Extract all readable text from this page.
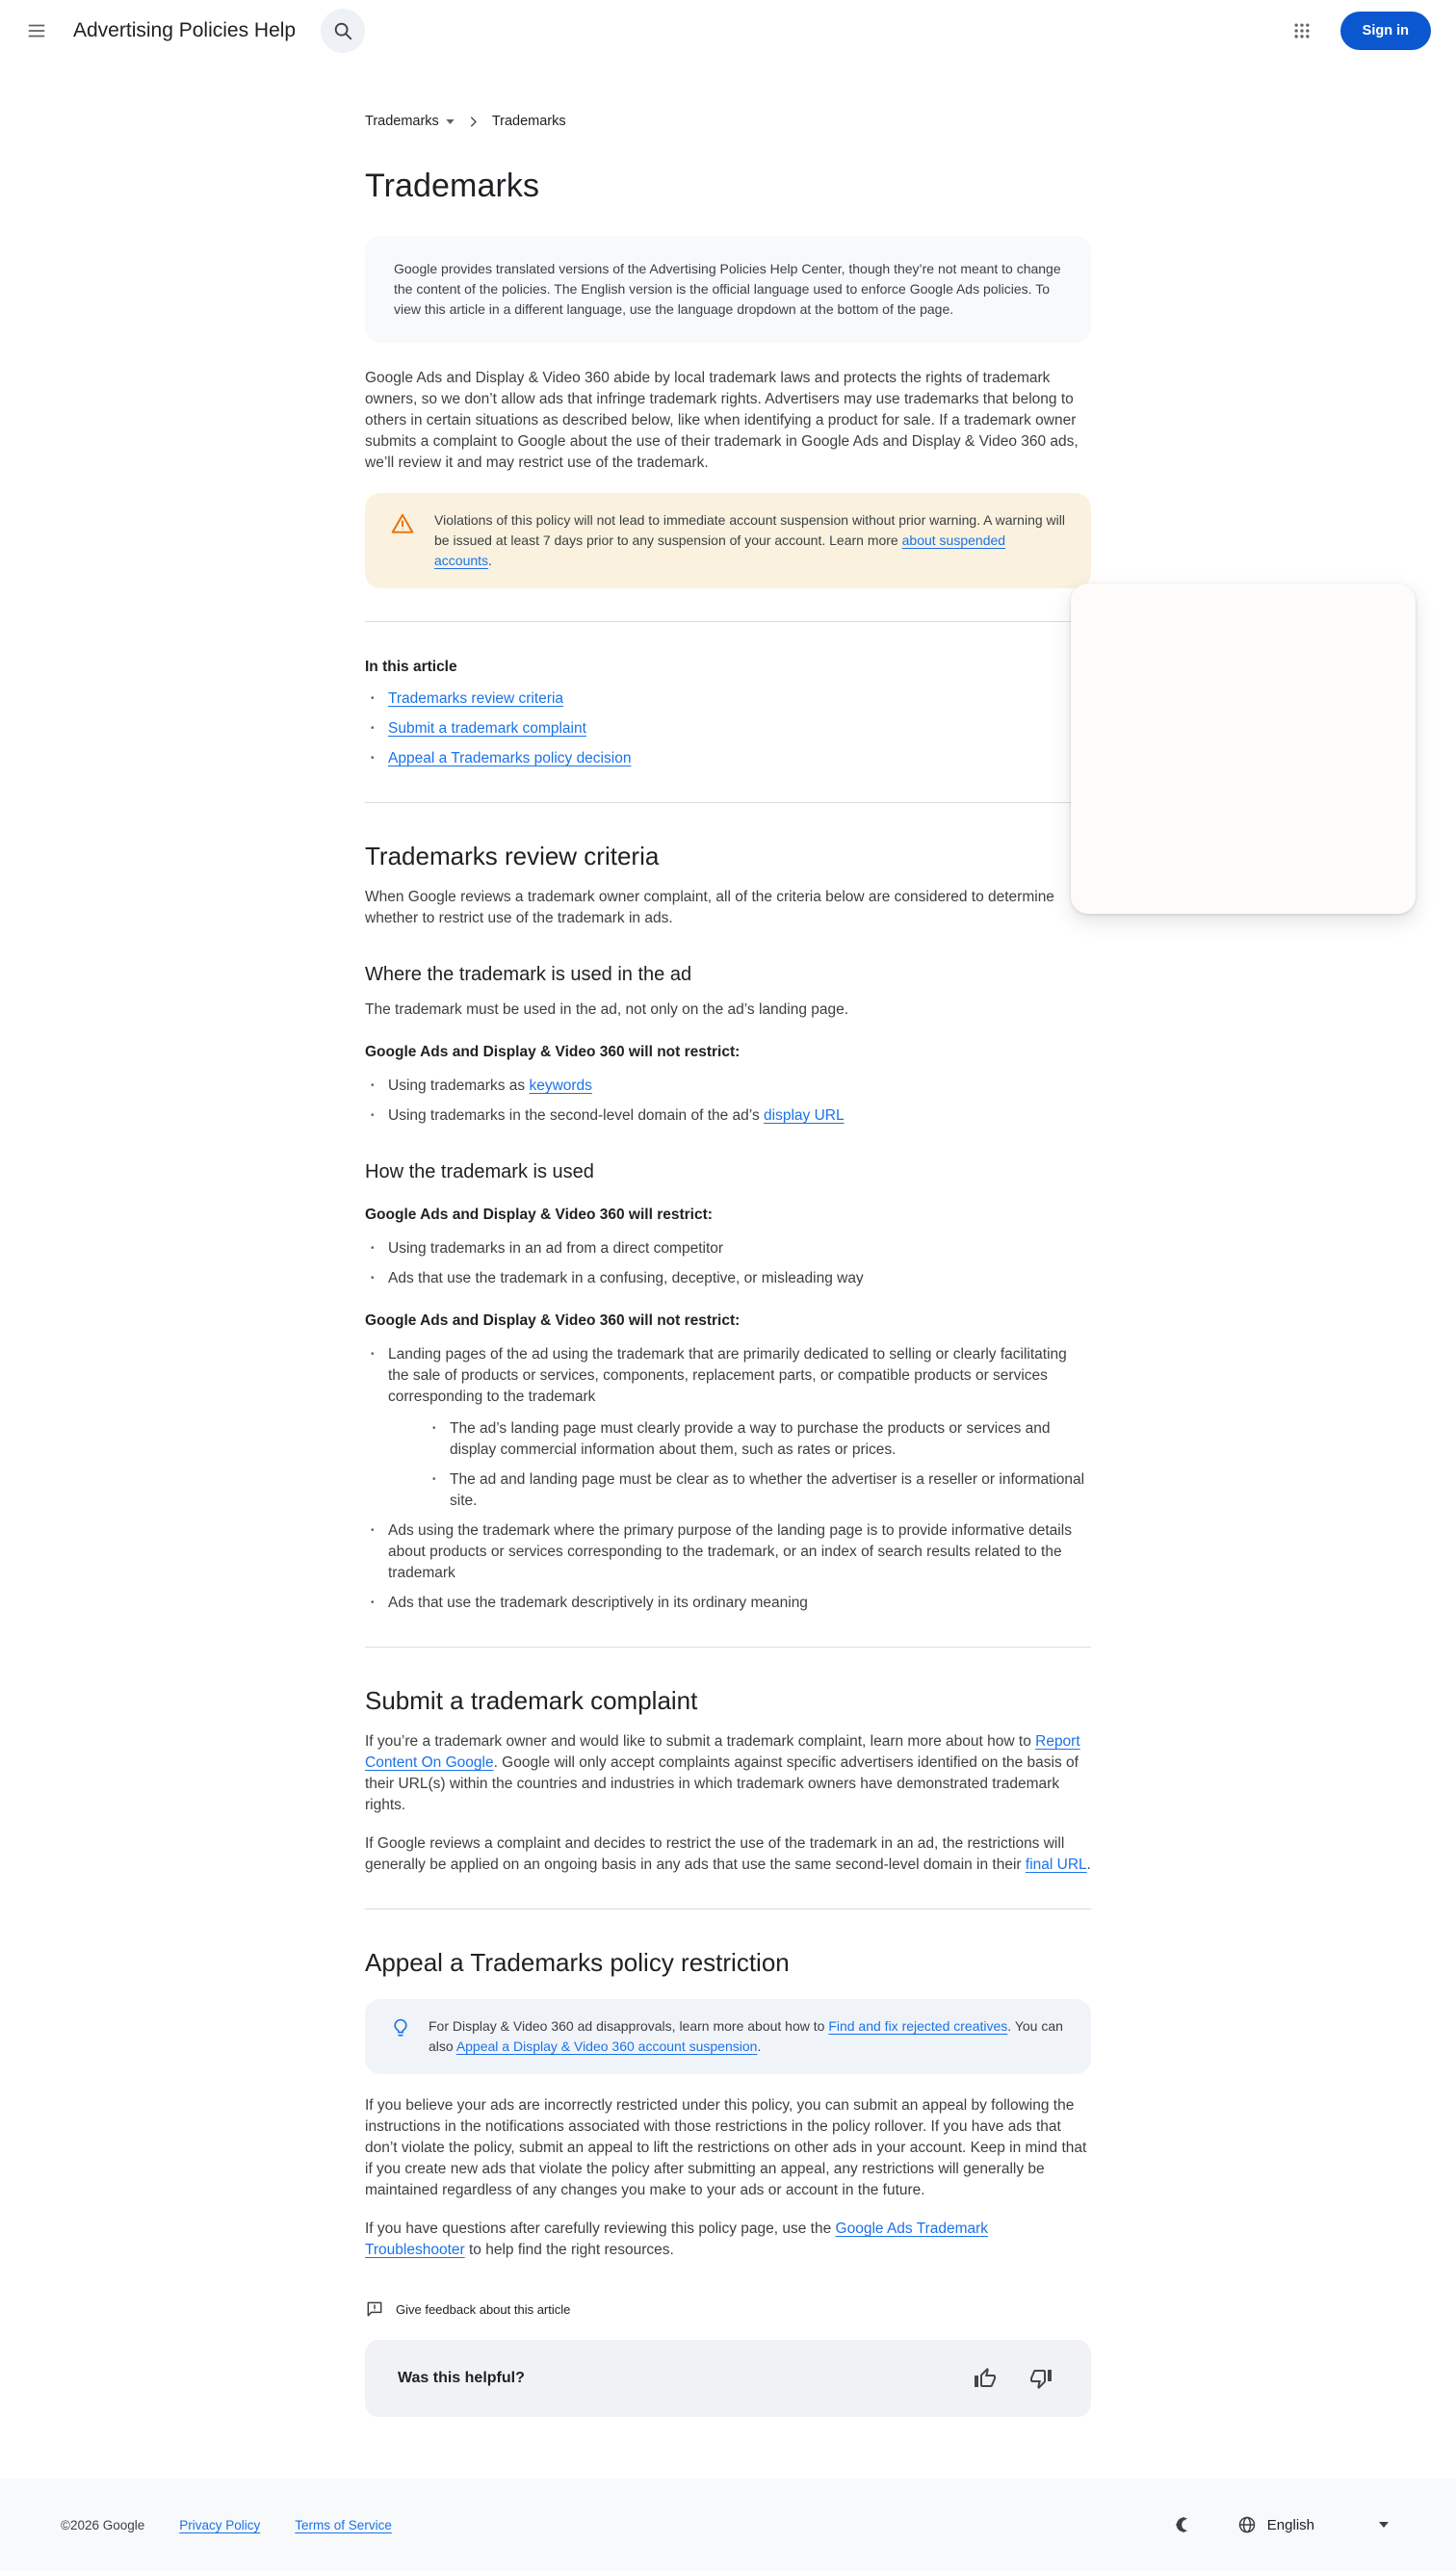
Advertising Policies Help	Sign in
Trademarks	Trademarks
Trademarks

Google provides translated versions of the Advertising Policies Help Center, though they’re not meant to change the content of the policies. The English version is the official language used to enforce Google Ads policies. To view this article in a different language, use the language dropdown at the bottom of the page.

Google Ads and Display & Video 360 abide by local trademark laws and protects the rights of trademark owners, so we don’t allow ads that infringe trademark rights. Advertisers may use trademarks that belong to others in certain situations as described below, like when identifying a product for sale. If a trademark owner submits a complaint to Google about the use of their trademark in Google Ads and Display & Video 360 ads, we’ll review it and may restrict use of the trademark.

Violations of this policy will not lead to immediate account suspension without prior warning. A warning will be issued at least 7 days prior to any suspension of your account. Learn more about suspended accounts.

In this article

• Trademarks review criteria
• Submit a trademark complaint
• Appeal a Trademarks policy decision
Trademarks review criteria

When Google reviews a trademark owner complaint, all of the criteria below are considered to determine whether to restrict use of the trademark in ads.

Where the trademark is used in the ad

The trademark must be used in the ad, not only on the ad’s landing page.

Google Ads and Display & Video 360 will not restrict:

• Using trademarks as keywords
• Using trademarks in the second-level domain of the ad’s display URL
How the trademark is used

Google Ads and Display & Video 360 will restrict:

• Using trademarks in an ad from a direct competitor
• Ads that use the trademark in a confusing, deceptive, or misleading way

Google Ads and Display & Video 360 will not restrict:

• Landing pages of the ad using the trademark that are primarily dedicated to selling or clearly facilitating the sale of products or services, components, replacement parts, or compatible products or services corresponding to the trademark
• The ad’s landing page must clearly provide a way to purchase the products or services and display commercial information about them, such as rates or prices.
• The ad and landing page must be clear as to whether the advertiser is a reseller or informational site.
• Ads using the trademark where the primary purpose of the landing page is to provide informative details about products or services corresponding to the trademark, or an index of search results related to the trademark
• Ads that use the trademark descriptively in its ordinary meaning
Submit a trademark complaint

If you’re a trademark owner and would like to submit a trademark complaint, learn more about how to Report Content On Google. Google will only accept complaints against specific advertisers identified on the basis of their URL(s) within the countries and industries in which trademark owners have demonstrated trademark rights.

If Google reviews a complaint and decides to restrict the use of the trademark in an ad, the restrictions will generally be applied on an ongoing basis in any ads that use the same second-level domain in their final URL.

Appeal a Trademarks policy restriction

For Display & Video 360 ad disapprovals, learn more about how to Find and fix rejected creatives. You can also Appeal a Display & Video 360 account suspension.

If you believe your ads are incorrectly restricted under this policy, you can submit an appeal by following the instructions in the notifications associated with those restrictions in the policy rollover. If you have ads that don’t violate the policy, submit an appeal to lift the restrictions on other ads in your account. Keep in mind that if you create new ads that violate the policy after submitting an appeal, any restrictions will generally be maintained regardless of any changes you make to your ads or account in the future.

If you have questions after carefully reviewing this policy page, use the Google Ads Trademark Troubleshooter to help find the right resources.

Give feedback about this article
Was this helpful?
©2026 Google	Privacy Policy	Terms of Service	English
